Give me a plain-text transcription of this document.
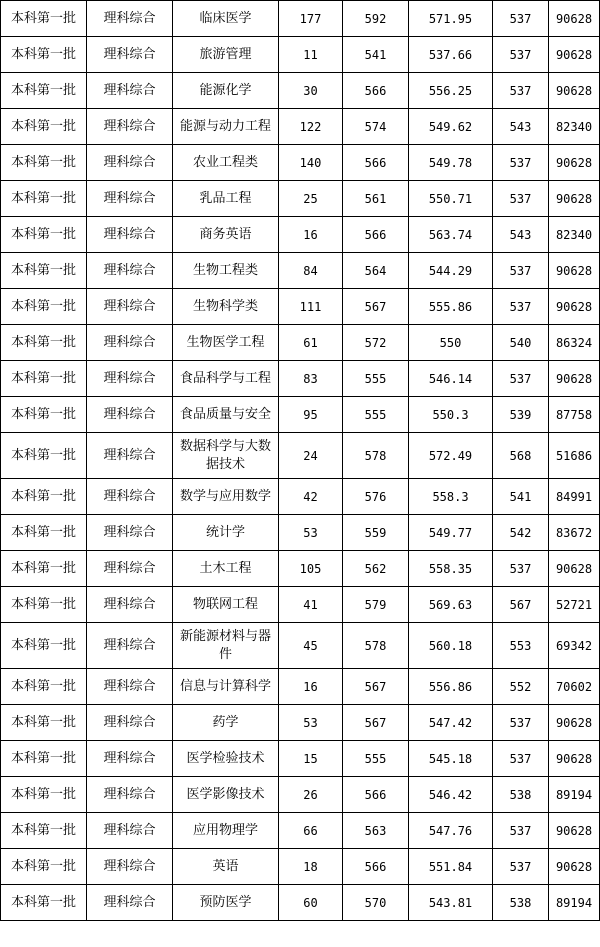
本科第一批	理科综合	临床医学	177	592	571.95	537	90628
本科第一批	理科综合	旅游管理	11	541	537.66	537	90628
本科第一批	理科综合	能源化学	30	566	556.25	537	90628
本科第一批	理科综合	能源与动力工程	122	574	549.62	543	82340
本科第一批	理科综合	农业工程类	140	566	549.78	537	90628
本科第一批	理科综合	乳品工程	25	561	550.71	537	90628
本科第一批	理科综合	商务英语	16	566	563.74	543	82340
本科第一批	理科综合	生物工程类	84	564	544.29	537	90628
本科第一批	理科综合	生物科学类	111	567	555.86	537	90628
本科第一批	理科综合	生物医学工程	61	572	550	540	86324
本科第一批	理科综合	食品科学与工程	83	555	546.14	537	90628
本科第一批	理科综合	食品质量与安全	95	555	550.3	539	87758
本科第一批	理科综合	数据科学与大数据技术	24	578	572.49	568	51686
本科第一批	理科综合	数学与应用数学	42	576	558.3	541	84991
本科第一批	理科综合	统计学	53	559	549.77	542	83672
本科第一批	理科综合	土木工程	105	562	558.35	537	90628
本科第一批	理科综合	物联网工程	41	579	569.63	567	52721
本科第一批	理科综合	新能源材料与器件	45	578	560.18	553	69342
本科第一批	理科综合	信息与计算科学	16	567	556.86	552	70602
本科第一批	理科综合	药学	53	567	547.42	537	90628
本科第一批	理科综合	医学检验技术	15	555	545.18	537	90628
本科第一批	理科综合	医学影像技术	26	566	546.42	538	89194
本科第一批	理科综合	应用物理学	66	563	547.76	537	90628
本科第一批	理科综合	英语	18	566	551.84	537	90628
本科第一批	理科综合	预防医学	60	570	543.81	538	89194
